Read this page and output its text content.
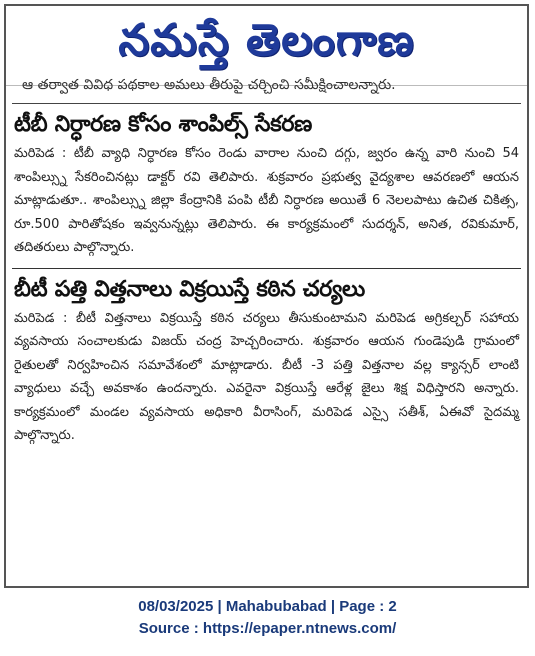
నమస్తే తెలంగాణ
ఆ తర్వాత వివిధ పథకాల అమలు తీరుపై చర్చించి సమీక్షించాలన్నారు.
టీబీ నిర్ధారణ కోసం శాంపిల్స్ సేకరణ

మరిపెడ : టీబీ వ్యాధి నిర్ధారణ కోసం రెండు వారాల నుంచి దగ్గు, జ్వరం ఉన్న వారి నుంచి 54 శాంపిల్స్ను సేకరించినట్లు డాక్టర్ రవి తెలిపారు. శుక్రవారం ప్రభుత్వ వైద్యశాల ఆవరణలో ఆయన మాట్లాడుతూ.. శాంపిల్స్ను జిల్లా కేంద్రానికి పంపి టీబీ నిర్ధారణ అయితే 6 నెలలపాటు ఉచిత చికిత్స, రూ.500 పారితోషకం ఇవ్వనున్నట్లు తెలిపారు. ఈ కార్యక్రమంలో సుదర్శన్, అనిత, రవికుమార్, తదితరులు పాల్గొన్నారు.

బీటీ పత్తి విత్తనాలు విక్రయిస్తే కఠిన చర్యలు

మరిపెడ : బీటీ విత్తనాలు విక్రయిస్తే కఠిన చర్యలు తీసుకుంటామని మరిపెడ అగ్రికల్చర్ సహాయ వ్యవసాయ సంచాలకుడు విజయ్ చంద్ర హెచ్చరించారు. శుక్రవారం ఆయన గుండెపుడి గ్రామంలో రైతులతో నిర్వహించిన సమావేశంలో మాట్లాడారు. బీటీ -3 పత్తి విత్తనాల వల్ల క్యాన్సర్ లాంటి వ్యాధులు వచ్చే అవకాశం ఉందన్నారు. ఎవరైనా విక్రయిస్తే ఆరేళ్ల జైలు శిక్ష విధిస్తారని అన్నారు. కార్యక్రమంలో మండల వ్యవసాయ అధికారి వీరాసింగ్, మరిపెడ ఎస్సై సతీశ్, ఏఈవో సైదమ్మ పాల్గొన్నారు.

08/03/2025 | Mahabubabad | Page : 2
Source : https://epaper.ntnews.com/
